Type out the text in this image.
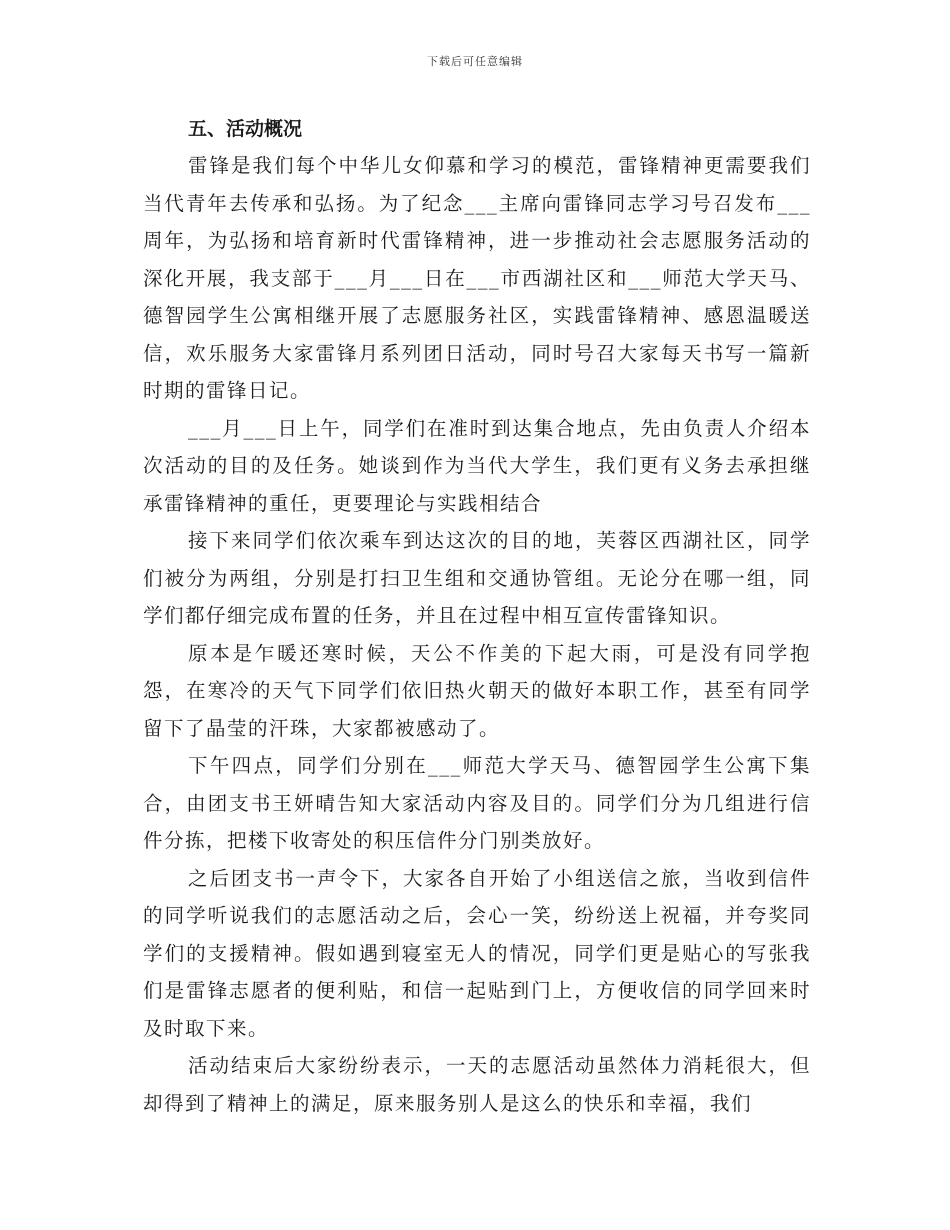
下载后可任意编辑
五、活动概况

雷锋是我们每个中华儿女仰慕和学习的模范，雷锋精神更需要我们当代青年去传承和弘扬。为了纪念___主席向雷锋同志学习号召发布___周年，为弘扬和培育新时代雷锋精神，进一步推动社会志愿服务活动的深化开展，我支部于___月___日在___市西湖社区和___师范大学天马、德智园学生公寓相继开展了志愿服务社区，实践雷锋精神、感恩温暖送信，欢乐服务大家雷锋月系列团日活动，同时号召大家每天书写一篇新时期的雷锋日记。

___月___日上午，同学们在准时到达集合地点，先由负责人介绍本次活动的目的及任务。她谈到作为当代大学生，我们更有义务去承担继承雷锋精神的重任，更要理论与实践相结合

接下来同学们依次乘车到达这次的目的地，芙蓉区西湖社区，同学们被分为两组，分别是打扫卫生组和交通协管组。无论分在哪一组，同学们都仔细完成布置的任务，并且在过程中相互宣传雷锋知识。

原本是乍暖还寒时候，天公不作美的下起大雨，可是没有同学抱怨，在寒冷的天气下同学们依旧热火朝天的做好本职工作，甚至有同学留下了晶莹的汗珠，大家都被感动了。

下午四点，同学们分别在___师范大学天马、德智园学生公寓下集合，由团支书王妍晴告知大家活动内容及目的。同学们分为几组进行信件分拣，把楼下收寄处的积压信件分门别类放好。

之后团支书一声令下，大家各自开始了小组送信之旅，当收到信件的同学听说我们的志愿活动之后，会心一笑，纷纷送上祝福，并夸奖同学们的支援精神。假如遇到寝室无人的情况，同学们更是贴心的写张我们是雷锋志愿者的便利贴，和信一起贴到门上，方便收信的同学回来时及时取下来。

活动结束后大家纷纷表示，一天的志愿活动虽然体力消耗很大，但却得到了精神上的满足，原来服务别人是这么的快乐和幸福，我们
